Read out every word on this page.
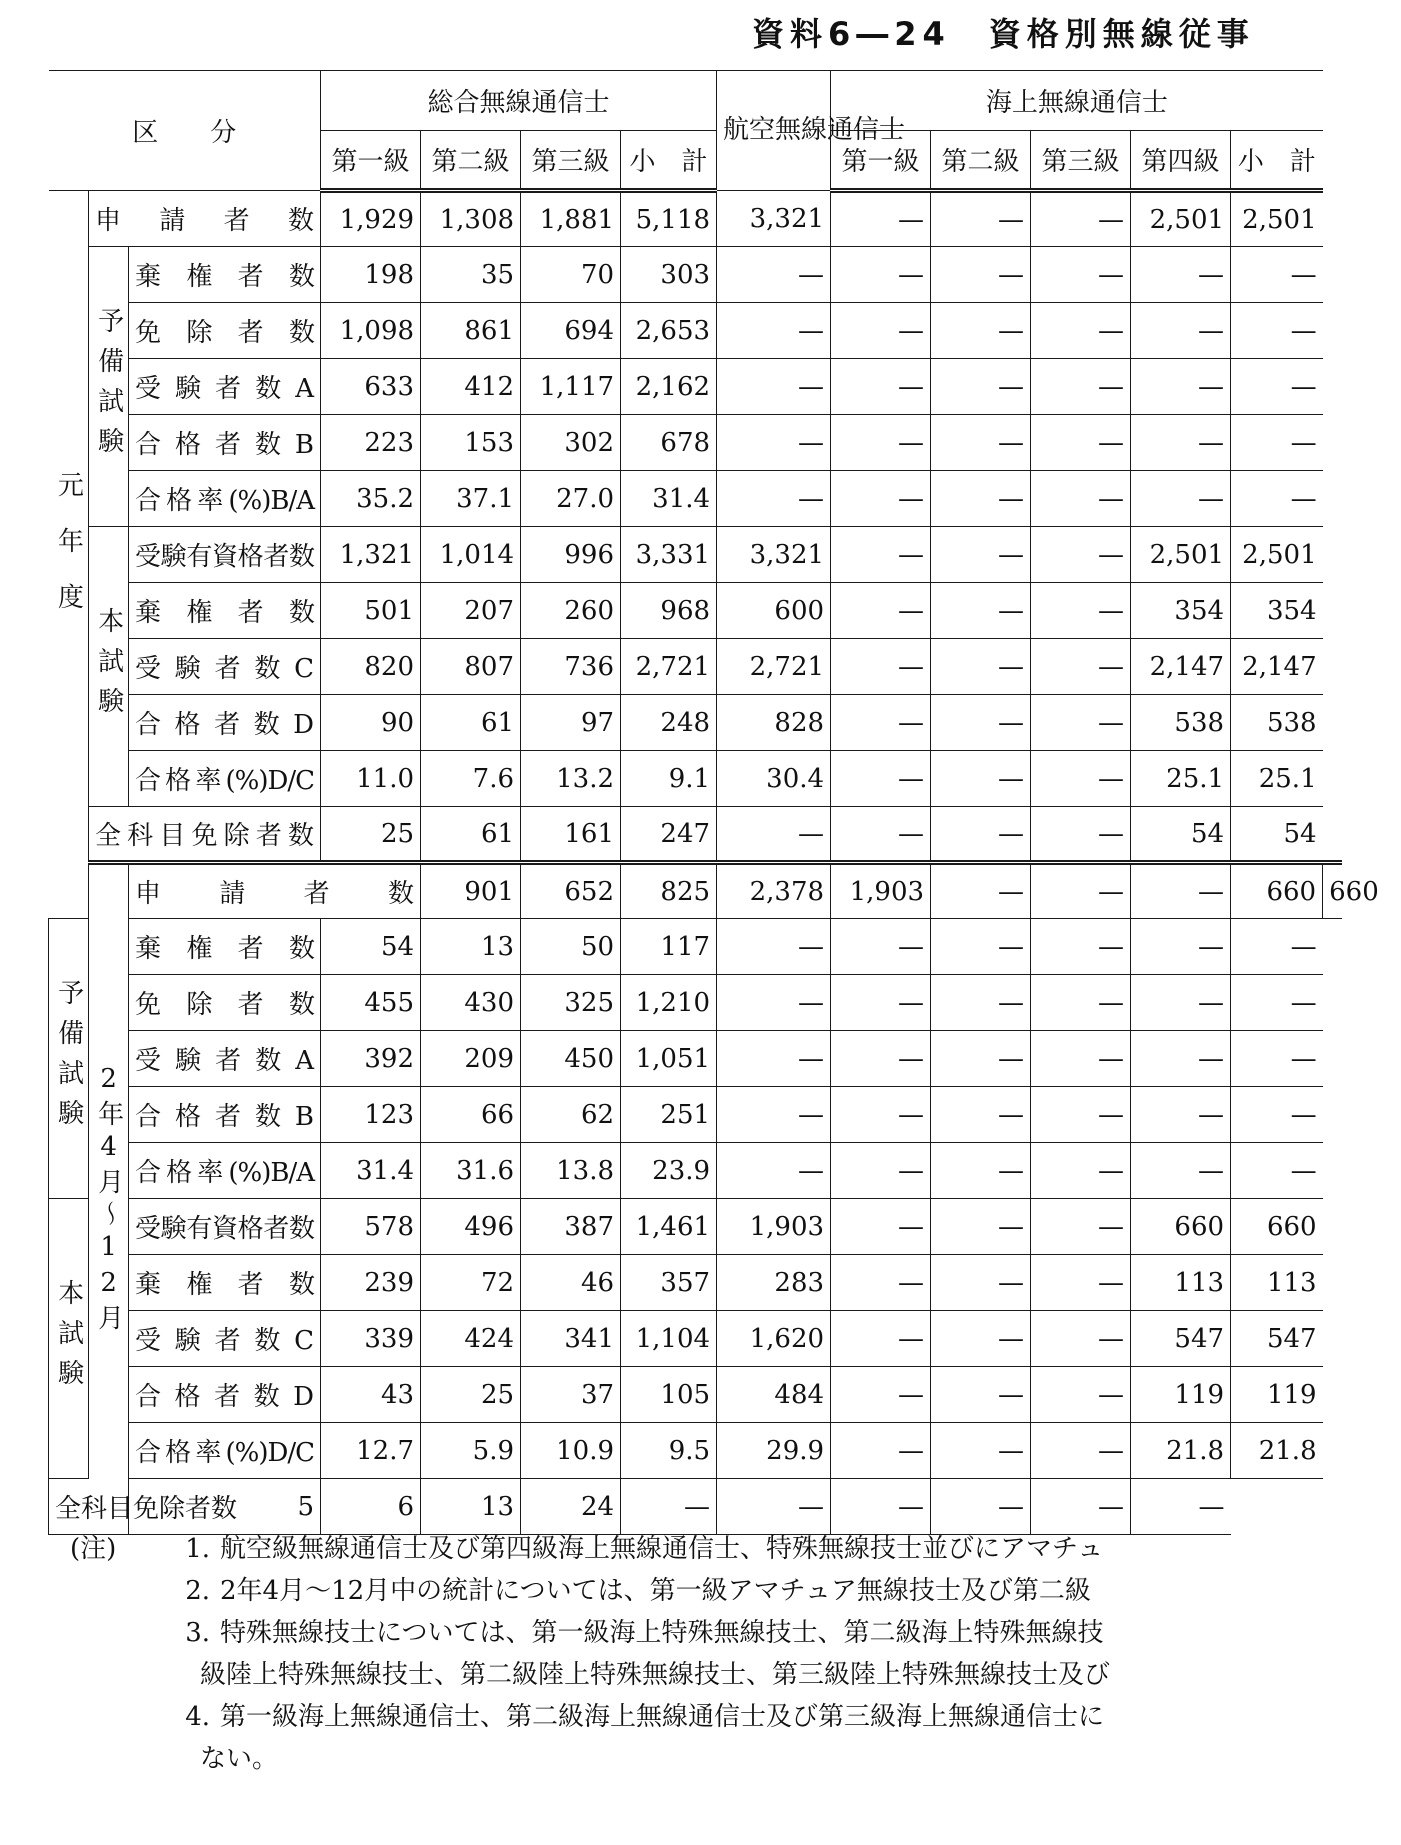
資料6―24　資格別無線従事
区　　分			総合無線通信士				航空無線通信士	海上無線通信士					
			第一級	第二級	第三級	小　計		第一級	第二級	第三級	第四級	小　計	
元年度	申　請　者　数		1,929	1,308	1,881	5,118	3,321	—	—	—	2,501	2,501	
	予備試験	棄　権　者　数	198	35	70	303	—	—	—	—	—	—	
		免　除　者　数	1,098	861	694	2,653	—	—	—	—	—	—	
		受験者数A	633	412	1,117	2,162	—	—	—	—	—	—	
		合格者数B	223	153	302	678	—	—	—	—	—	—	
		合格率(%)B/A	35.2	37.1	27.0	31.4	—	—	—	—	—	—	
	本試験	受験有資格者数	1,321	1,014	996	3,331	3,321	—	—	—	2,501	2,501	
		棄　権　者　数	501	207	260	968	600	—	—	—	354	354	
		受験者数C	820	807	736	2,721	2,721	—	—	—	2,147	2,147	
		合格者数D	90	61	97	248	828	—	—	—	538	538	
		合格率(%)D/C	11.0	7.6	13.2	9.1	30.4	—	—	—	25.1	25.1	
	全科目免除者数		25	61	161	247	—	—	—	—	54	54	
	2年4月〜12月	申　請　者　数		901	652	825	2,378	1,903	—	—	—	660	660
予備試験		棄　権　者　数	54	13	50	117	—	—	—	—	—	—	
		免　除　者　数	455	430	325	1,210	—	—	—	—	—	—	
		受験者数A	392	209	450	1,051	—	—	—	—	—	—	
		合格者数B	123	66	62	251	—	—	—	—	—	—	
		合格率(%)B/A	31.4	31.6	13.8	23.9	—	—	—	—	—	—	
本試験		受験有資格者数	578	496	387	1,461	1,903	—	—	—	660	660	
		棄　権　者　数	239	72	46	357	283	—	—	—	113	113	
		受験者数C	339	424	341	1,104	1,620	—	—	—	547	547	
		合格者数D	43	25	37	105	484	—	—	—	119	119	
		合格率(%)D/C	12.7	5.9	10.9	9.5	29.9	—	—	—	21.8	21.8	
全科目免除者数		5	6	13	24	—	—	—	—	—	—		
(注)	1. 航空級無線通信士及び第四級海上無線通信士、特殊無線技士並びにアマチュ
2. 2年4月〜12月中の統計については、第一級アマチュア無線技士及び第二級
3. 特殊無線技士については、第一級海上特殊無線技士、第二級海上特殊無線技
級陸上特殊無線技士、第二級陸上特殊無線技士、第三級陸上特殊無線技士及び
4. 第一級海上無線通信士、第二級海上無線通信士及び第三級海上無線通信士に
ない。
